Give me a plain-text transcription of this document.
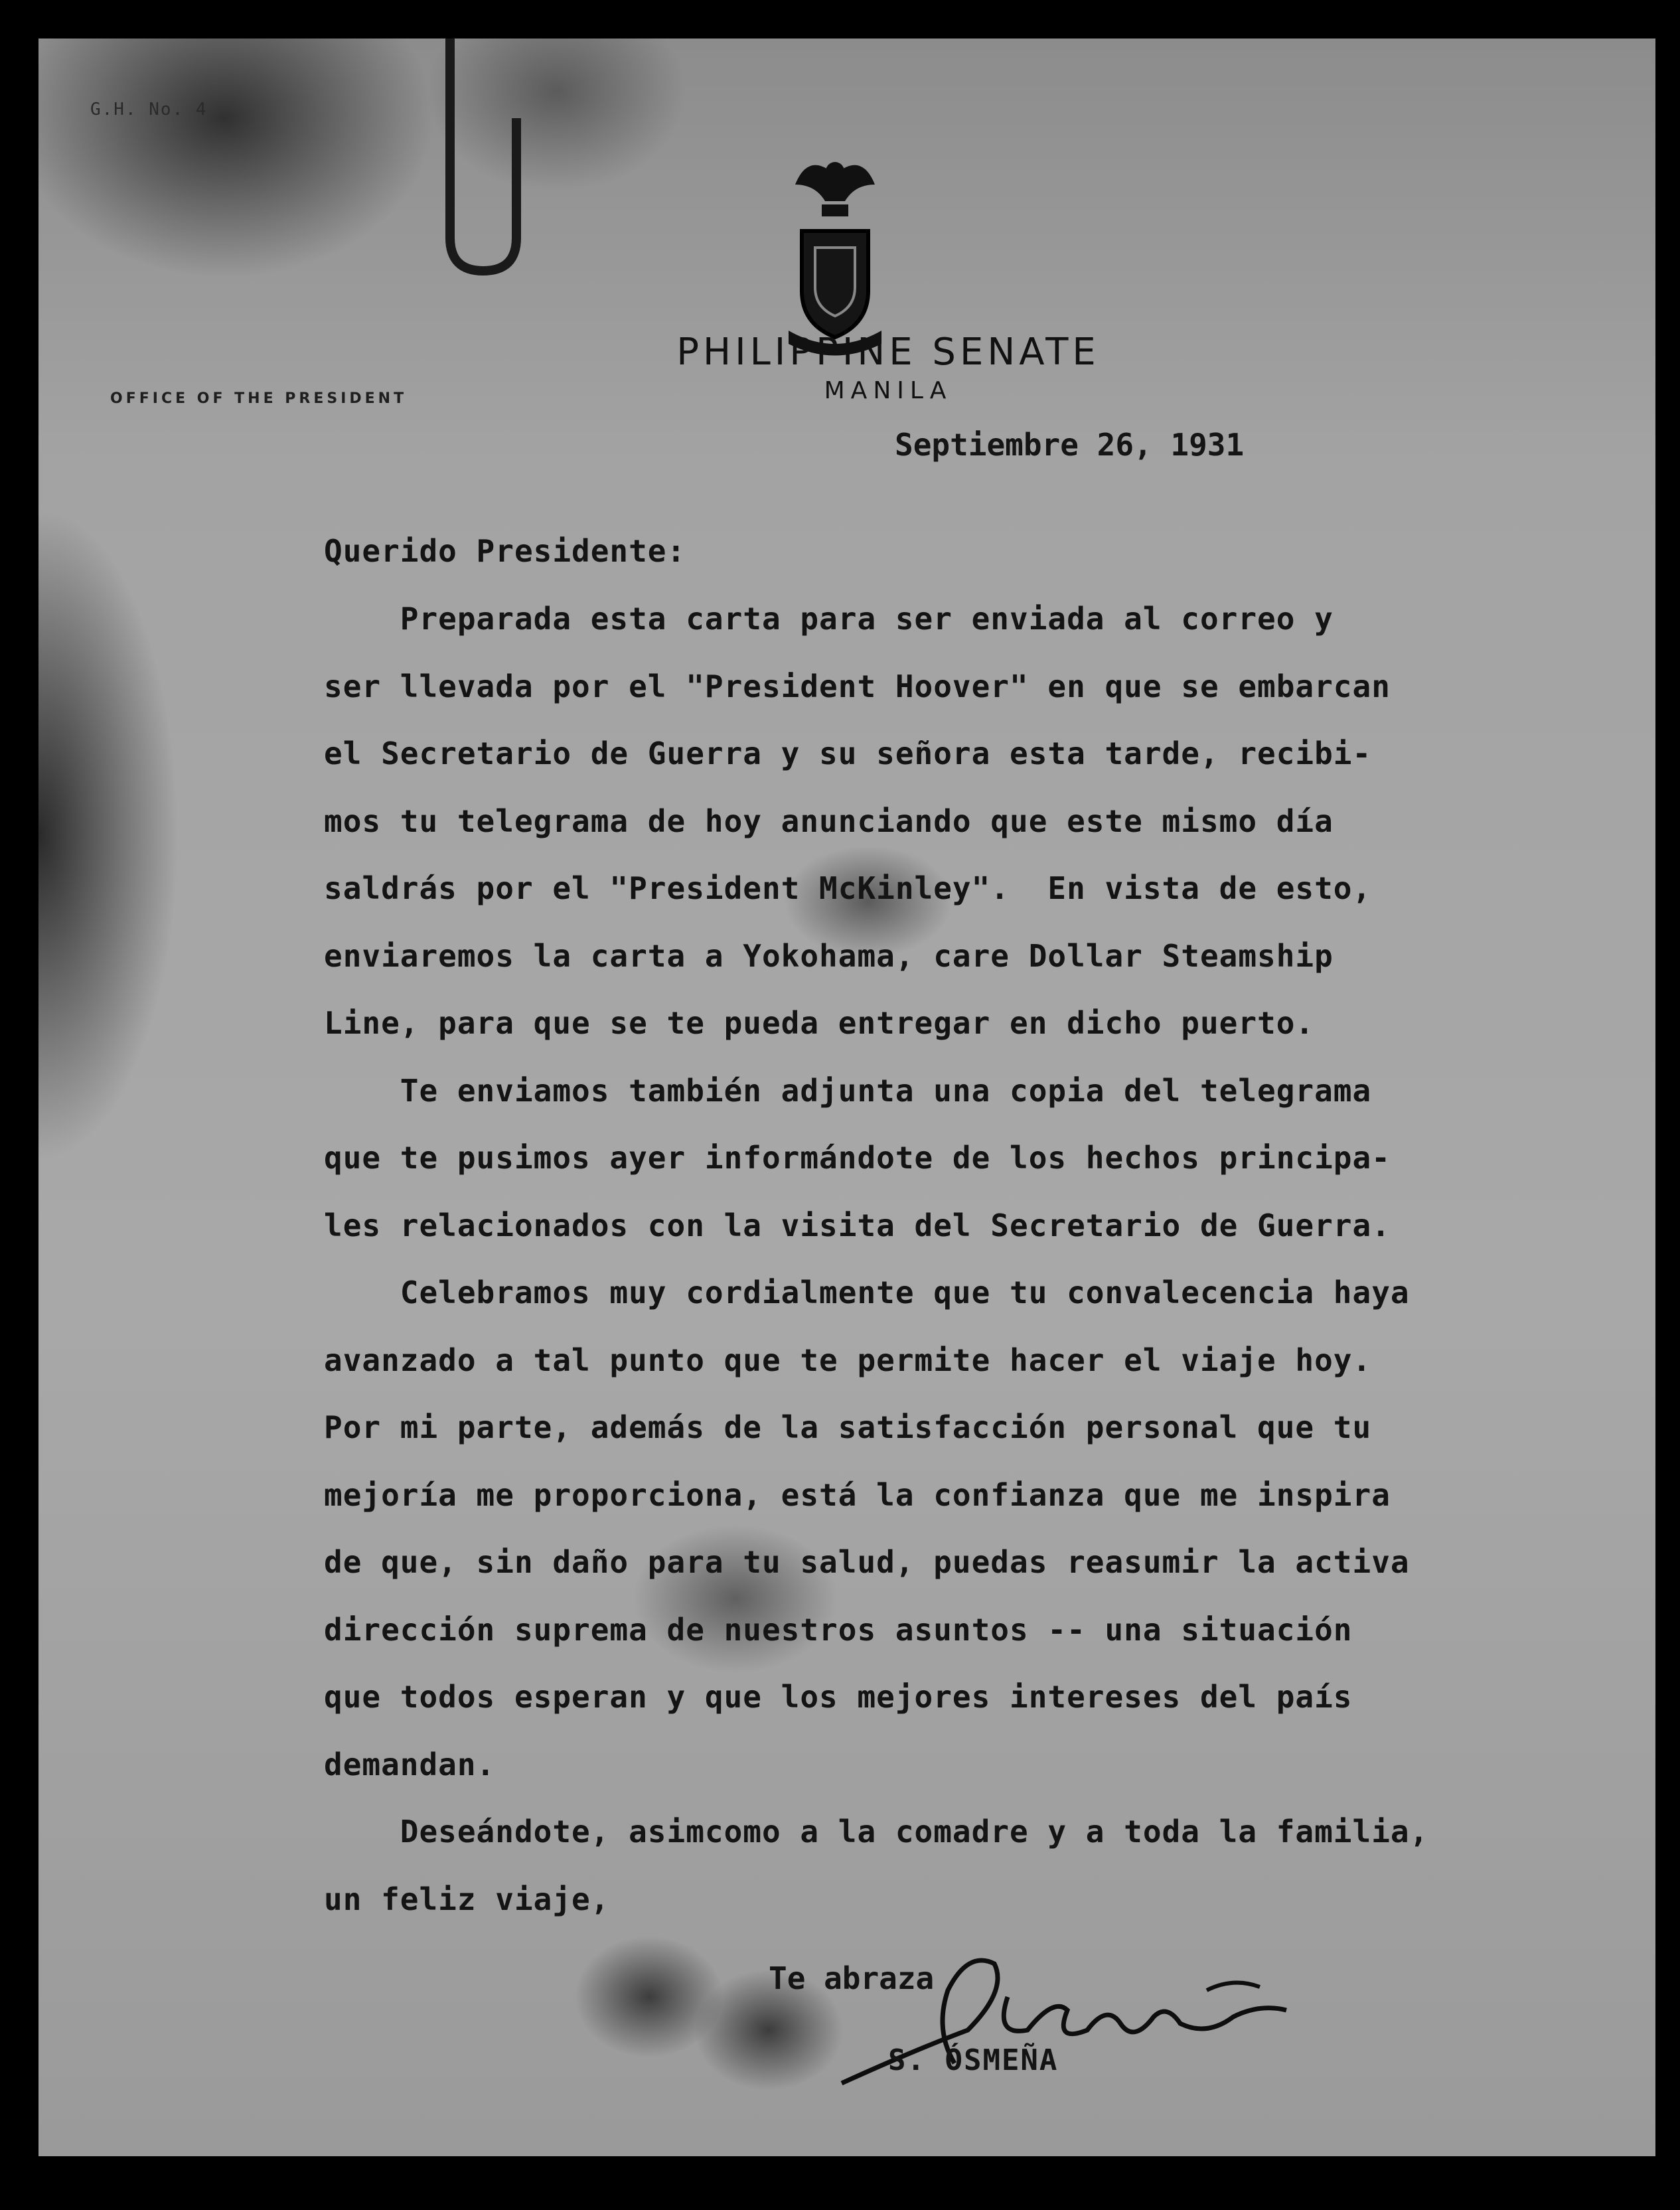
G.H. No. 4
OFFICE OF THE PRESIDENT
PHILIPPINE SENATE
MANILA
Septiembre 26, 1931
Querido Presidente:
Preparada esta carta para ser enviada al correo y
ser llevada por el "President Hoover" en que se embarcan
el Secretario de Guerra y su señora esta tarde, recibi-
mos tu telegrama de hoy anunciando que este mismo día
saldrás por el "President McKinley".  En vista de esto,
enviaremos la carta a Yokohama, care Dollar Steamship
Line, para que se te pueda entregar en dicho puerto.
Te enviamos también adjunta una copia del telegrama
que te pusimos ayer informándote de los hechos principa-
les relacionados con la visita del Secretario de Guerra.
Celebramos muy cordialmente que tu convalecencia haya
avanzado a tal punto que te permite hacer el viaje hoy.
Por mi parte, además de la satisfacción personal que tu
mejoría me proporciona, está la confianza que me inspira
de que, sin daño para tu salud, puedas reasumir la activa
dirección suprema de nuestros asuntos -- una situación
que todos esperan y que los mejores intereses del país
demandan.
Deseándote, asimcomo a la comadre y a toda la familia,
un feliz viaje,
Te abraza
S. ÓSMEÑA
